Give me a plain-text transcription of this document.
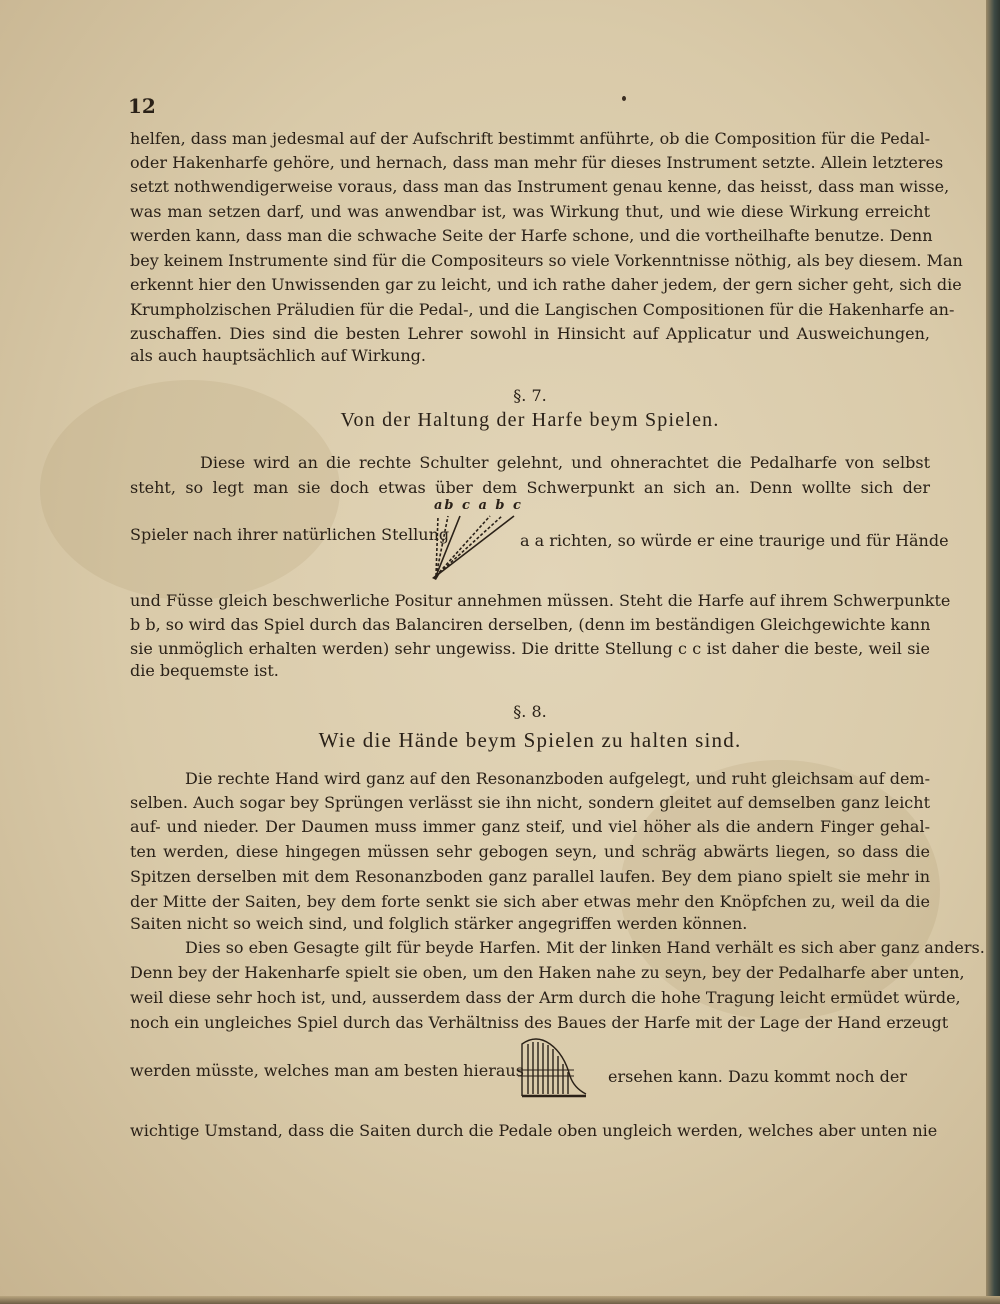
12
helfen, dass man jedesmal auf der Aufschrift bestimmt anführte, ob die Composition für die Pedal-
oder Hakenharfe gehöre, und hernach, dass man mehr für dieses Instrument setzte. Allein letzteres
setzt nothwendigerweise voraus, dass man das Instrument genau kenne, das heisst, dass man wisse,
was man setzen darf, und was anwendbar ist, was Wirkung thut, und wie diese Wirkung erreicht
werden kann, dass man die schwache Seite der Harfe schone, und die vortheilhafte benutze. Denn
bey keinem Instrumente sind für die Compositeurs so viele Vorkenntnisse nöthig, als bey diesem. Man
erkennt hier den Unwissenden gar zu leicht, und ich rathe daher jedem, der gern sicher geht, sich die
Krumpholzischen Präludien für die Pedal-, und die Langischen Compositionen für die Hakenharfe an-
zuschaffen. Dies sind die besten Lehrer sowohl in Hinsicht auf Applicatur und Ausweichungen,
als auch hauptsächlich auf Wirkung.
§. 7.
Von der Haltung der Harfe beym Spielen.
Diese wird an die rechte Schulter gelehnt, und ohnerachtet die Pedalharfe von selbst
steht, so legt man sie doch etwas über dem Schwerpunkt an sich an. Denn wollte sich der
Spieler nach ihrer natürlichen Stellung	a a richten, so würde er eine traurige und für Hände
ab c a b c
und Füsse gleich beschwerliche Positur annehmen müssen. Steht die Harfe auf ihrem Schwerpunkte
b b, so wird das Spiel durch das Balanciren derselben, (denn im beständigen Gleichgewichte kann
sie unmöglich erhalten werden) sehr ungewiss. Die dritte Stellung c c ist daher die beste, weil sie
die bequemste ist.
§. 8.
Wie die Hände beym Spielen zu halten sind.
Die rechte Hand wird ganz auf den Resonanzboden aufgelegt, und ruht gleichsam auf dem-
selben. Auch sogar bey Sprüngen verlässt sie ihn nicht, sondern gleitet auf demselben ganz leicht
auf- und nieder. Der Daumen muss immer ganz steif, und viel höher als die andern Finger gehal-
ten werden, diese hingegen müssen sehr gebogen seyn, und schräg abwärts liegen, so dass die
Spitzen derselben mit dem Resonanzboden ganz parallel laufen. Bey dem piano spielt sie mehr in
der Mitte der Saiten, bey dem forte senkt sie sich aber etwas mehr den Knöpfchen zu, weil da die
Saiten nicht so weich sind, und folglich stärker angegriffen werden können.
Dies so eben Gesagte gilt für beyde Harfen. Mit der linken Hand verhält es sich aber ganz anders.
Denn bey der Hakenharfe spielt sie oben, um den Haken nahe zu seyn, bey der Pedalharfe aber unten,
weil diese sehr hoch ist, und, ausserdem dass der Arm durch die hohe Tragung leicht ermüdet würde,
noch ein ungleiches Spiel durch das Verhältniss des Baues der Harfe mit der Lage der Hand erzeugt
werden müsste, welches man am besten hieraus	ersehen kann. Dazu kommt noch der
wichtige Umstand, dass die Saiten durch die Pedale oben ungleich werden, welches aber unten nie
